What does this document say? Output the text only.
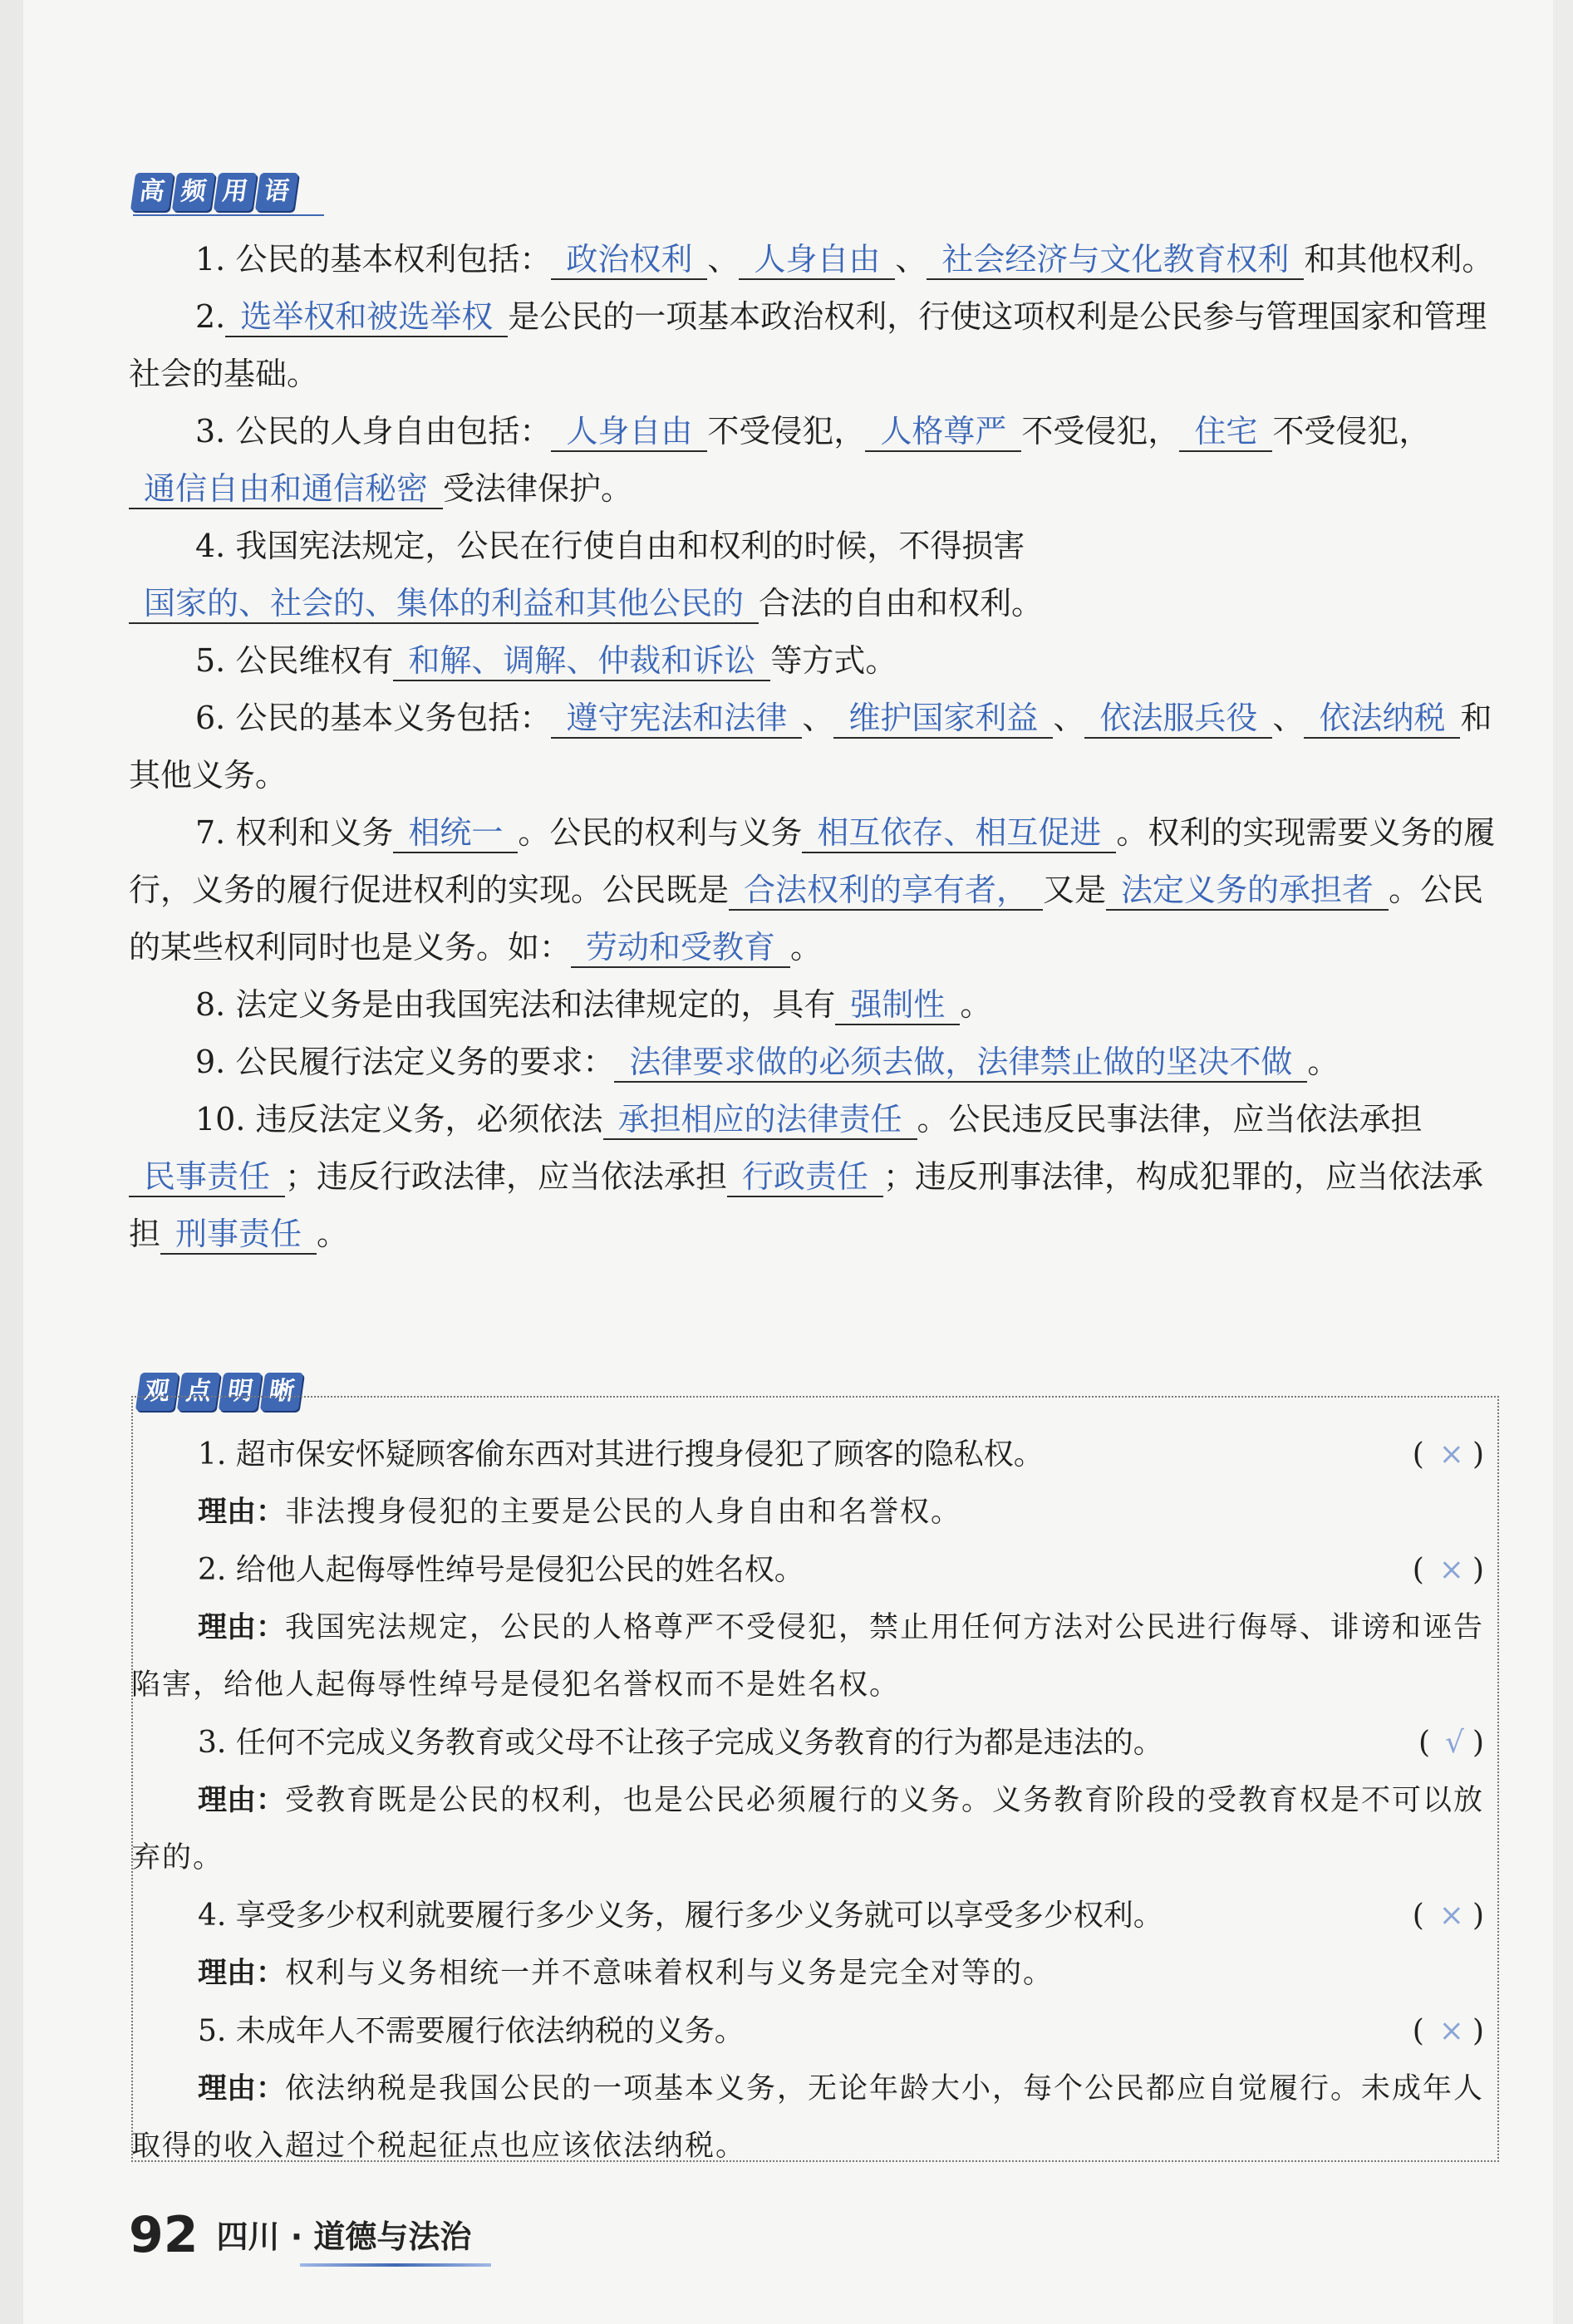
高 频 用 语

1. 公民的基本权利包括： 政治权利 、 人身自由 、 社会经济与文化教育权利 和其他权利。

2. 选举权和被选举权 是公民的一项基本政治权利，行使这项权利是公民参与管理国家和管理社会的基础。

3. 公民的人身自由包括： 人身自由 不受侵犯， 人格尊严 不受侵犯， 住宅 不受侵犯，通信自由和通信秘密 受法律保护。

4. 我国宪法规定，公民在行使自由和权利的时候，不得损害国家的、社会的、集体的利益和其他公民的 合法的自由和权利。

5. 公民维权有 和解、调解、仲裁和诉讼 等方式。

6. 公民的基本义务包括： 遵守宪法和法律 、 维护国家利益 、 依法服兵役 、 依法纳税 和其他义务。

7. 权利和义务 相统一 。公民的权利与义务 相互依存、相互促进 。权利的实现需要义务的履行，义务的履行促进权利的实现。公民既是 合法权利的享有者， 又是 法定义务的承担者 。公民的某些权利同时也是义务。如： 劳动和受教育 。

8. 法定义务是由我国宪法和法律规定的，具有 强制性 。

9. 公民履行法定义务的要求： 法律要求做的必须去做，法律禁止做的坚决不做 。

10. 违反法定义务，必须依法 承担相应的法律责任 。公民违反民事法律，应当依法承担民事责任 ；违反行政法律，应当依法承担 行政责任 ；违反刑事法律，构成犯罪的，应当依法承担 刑事责任 。

观 点 明 晰

1. 超市保安怀疑顾客偷东西对其进行搜身侵犯了顾客的隐私权。	( × )

理由：非法搜身侵犯的主要是公民的人身自由和名誉权。

2. 给他人起侮辱性绰号是侵犯公民的姓名权。	( × )

理由：我国宪法规定，公民的人格尊严不受侵犯，禁止用任何方法对公民进行侮辱、诽谤和诬告陷害，给他人起侮辱性绰号是侵犯名誉权而不是姓名权。

3. 任何不完成义务教育或父母不让孩子完成义务教育的行为都是违法的。	( √ )

理由：受教育既是公民的权利，也是公民必须履行的义务。义务教育阶段的受教育权是不可以放弃的。

4. 享受多少权利就要履行多少义务，履行多少义务就可以享受多少权利。	( × )

理由：权利与义务相统一并不意味着权利与义务是完全对等的。

5. 未成年人不需要履行依法纳税的义务。	( × )

理由：依法纳税是我国公民的一项基本义务，无论年龄大小，每个公民都应自觉履行。未成年人取得的收入超过个税起征点也应该依法纳税。

92 四川 · 道德与法治
